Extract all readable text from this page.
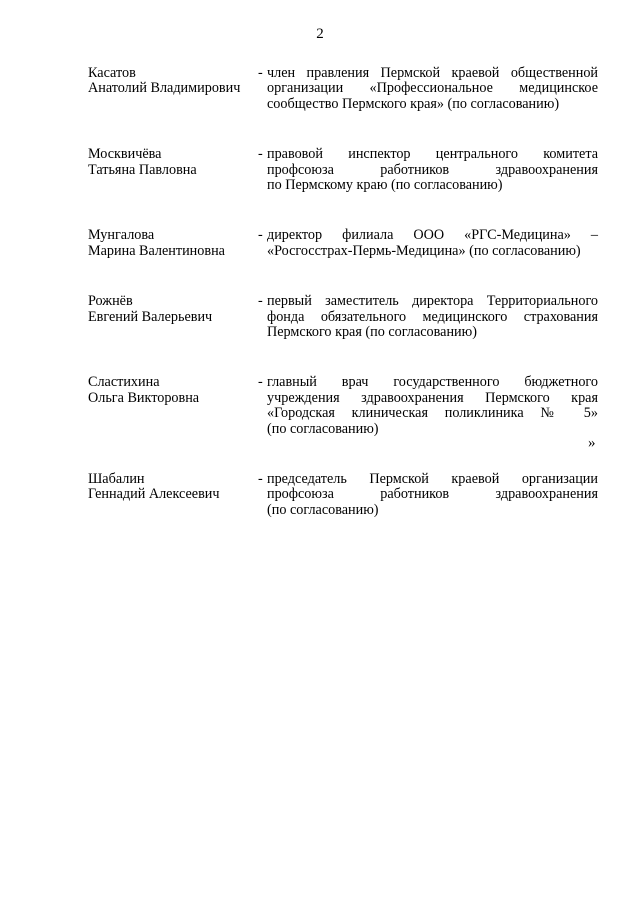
2
Касатов
Анатолий Владимирович
- член правления Пермской краевой общественной
организации «Профессиональное медицинское
сообщество Пермского края» (по согласованию)
Москвичёва
Татьяна Павловна
- правовой инспектор центрального комитета
профсоюза работников здравоохранения
по Пермскому краю (по согласованию)
Мунгалова
Марина Валентиновна
- директор филиала ООО «РГС-Медицина» –
«Росгосстрах-Пермь-Медицина» (по согласованию)
Рожнёв
Евгений Валерьевич
- первый заместитель директора Территориального
фонда обязательного медицинского страхования
Пермского края (по согласованию)
Сластихина
Ольга Викторовна
- главный врач государственного бюджетного
учреждения здравоохранения Пермского края
«Городская клиническая поликлиника № 5»
(по согласованию)
Шабалин
Геннадий Алексеевич
- председатель Пермской краевой организации
профсоюза работников здравоохранения
(по согласованию)
»
